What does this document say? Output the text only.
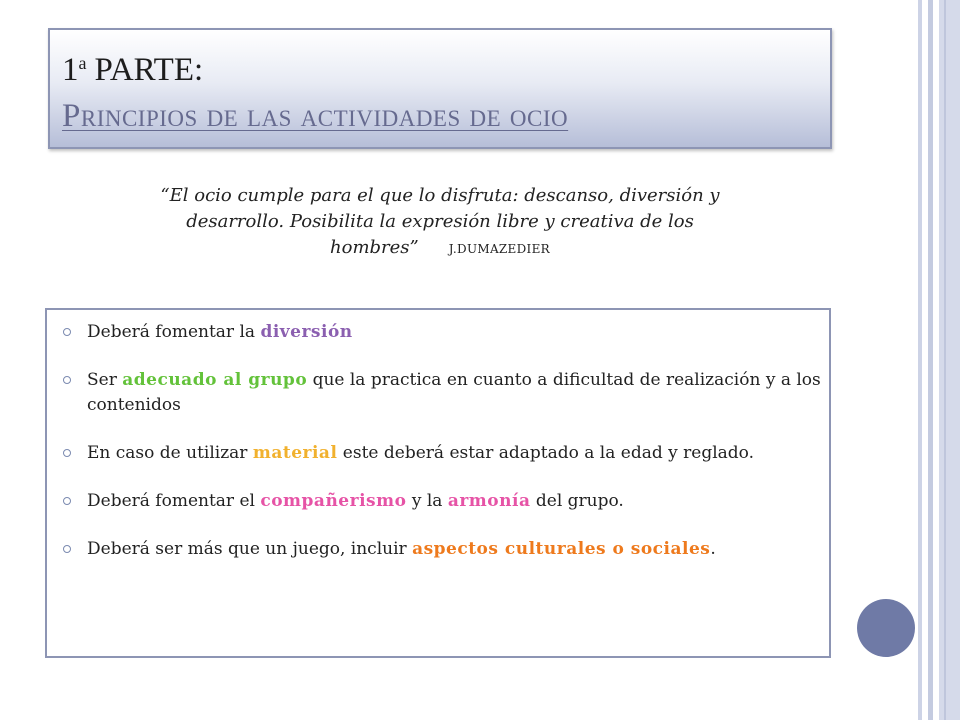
1$^a$ PARTE:
Principios de las actividades de ocio
“El ocio cumple para el que lo disfruta: descanso, diversión y desarrollo. Posibilita la expresión libre y creativa de los hombres”	J.DUMAZEDIER
Deberá fomentar la diversión
Ser adecuado al grupo que la practica en cuanto a dificultad de realización y a los contenidos
En caso de utilizar material este deberá estar adaptado a la edad y reglado.
Deberá fomentar el compañerismo y la armonía del grupo.
Deberá ser más que un juego, incluir aspectos culturales o sociales.
